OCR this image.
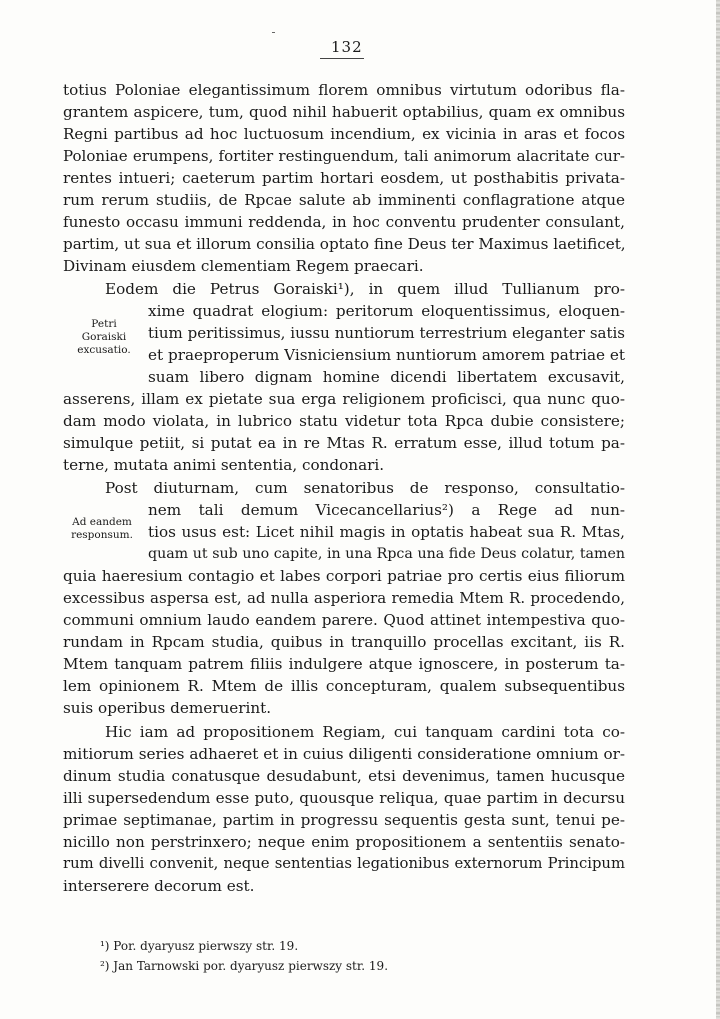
132
totius Poloniae elegantissimum florem omnibus virtutum odoribus fla-
grantem aspicere, tum, quod nihil habuerit optabilius, quam ex omnibus
Regni partibus ad hoc luctuosum incendium, ex vicinia in aras et focos
Poloniae erumpens, fortiter restinguendum, tali animorum alacritate cur-
rentes intueri; caeterum partim hortari eosdem, ut posthabitis privata-
rum rerum studiis, de Rpcae salute ab imminenti conflagratione atque
funesto occasu immuni reddenda, in hoc conventu prudenter consulant,
partim, ut sua et illorum consilia optato fine Deus ter Maximus laetificet,
Divinam eiusdem clementiam Regem praecari.
Eodem die Petrus Goraiski¹), in quem illud Tullianum pro-
xime quadrat elogium: peritorum eloquentissimus, eloquen-
tium peritissimus, iussu nuntiorum terrestrium eleganter satis
et praeproperum Visniciensium nuntiorum amorem patriae et
suam libero dignam homine dicendi libertatem excusavit,
asserens, illam ex pietate sua erga religionem proficisci, qua nunc quo-
dam modo violata, in lubrico statu videtur tota Rpca dubie consistere;
simulque petiit, si putat ea in re Mtas R. erratum esse, illud totum pa-
terne, mutata animi sententia, condonari.
Petri
Goraiski
excusatio.
Post diuturnam, cum senatoribus de responso, consultatio-
nem tali demum Vicecancellarius²) a Rege ad nun-
tios usus est: Licet nihil magis in optatis habeat sua R. Mtas,
quam ut sub uno capite, in una Rpca una fide Deus colatur, tamen
quia haeresium contagio et labes corpori patriae pro certis eius filiorum
excessibus aspersa est, ad nulla asperiora remedia Mtem R. procedendo,
communi omnium laudo eandem parere. Quod attinet intempestiva quo-
rundam in Rpcam studia, quibus in tranquillo procellas excitant, iis R.
Mtem tanquam patrem filiis indulgere atque ignoscere, in posterum ta-
lem opinionem R. Mtem de illis concepturam, qualem subsequentibus
suis operibus demeruerint.
Ad eandem
responsum.
Hic iam ad propositionem Regiam, cui tanquam cardini tota co-
mitiorum series adhaeret et in cuius diligenti consideratione omnium or-
dinum studia conatusque desudabunt, etsi devenimus, tamen hucusque
illi supersedendum esse puto, quousque reliqua, quae partim in decursu
primae septimanae, partim in progressu sequentis gesta sunt, tenui pe-
nicillo non perstrinxero; neque enim propositionem a sententiis senato-
rum divelli convenit, neque sententias legationibus externorum Principum
interserere decorum est.
¹) Por. dyaryusz pierwszy str. 19.
²) Jan Tarnowski por. dyaryusz pierwszy str. 19.
